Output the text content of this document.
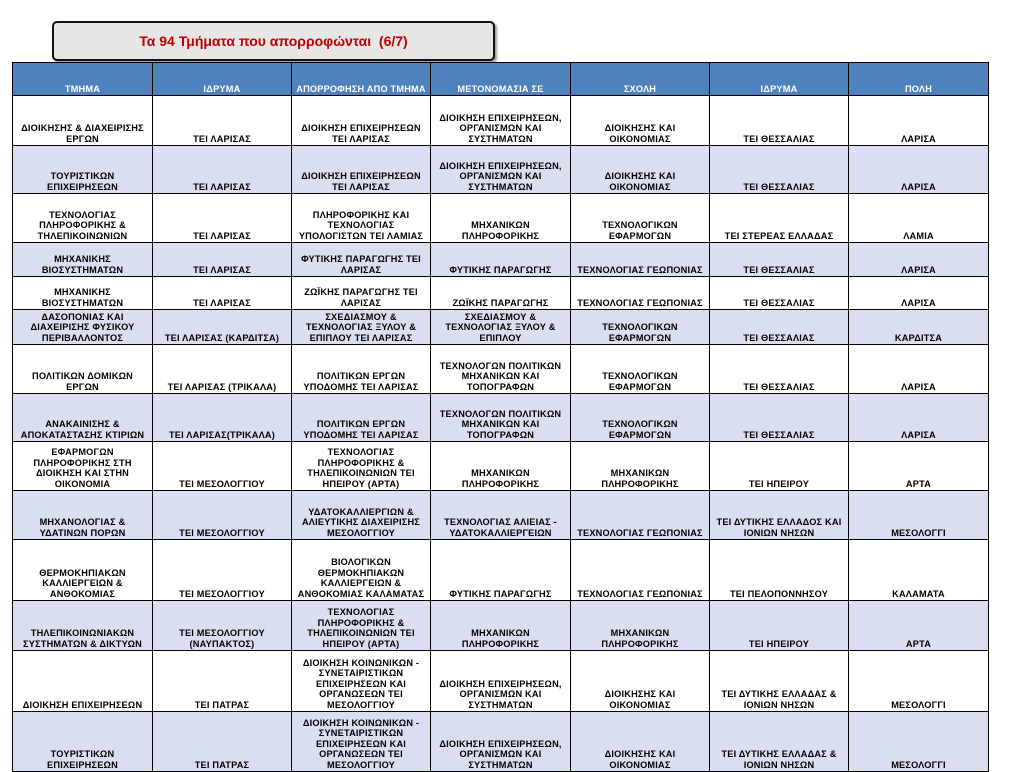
Τα 94 Τμήματα που απορροφώνται  (6/7)
ΤΜΗΜΑ	ΙΔΡΥΜΑ	ΑΠΟΡΡΟΦΗΣΗ ΑΠΟ ΤΜΗΜΑ	ΜΕΤΟΝΟΜΑΣΙΑ ΣΕ	ΣΧΟΛΗ	ΙΔΡΥΜΑ	ΠΟΛΗ
ΔΙΟΙΚΗΣΗΣ & ΔΙΑΧΕΙΡΙΣΗΣ ΕΡΓΩΝ	ΤΕΙ ΛΑΡΙΣΑΣ	ΔΙΟΙΚΗΣΗ ΕΠΙΧΕΙΡΗΣΕΩΝ ΤΕΙ ΛΑΡΙΣΑΣ	ΔΙΟΙΚΗΣΗ ΕΠΙΧΕΙΡΗΣΕΩΝ, ΟΡΓΑΝΙΣΜΩΝ ΚΑΙ ΣΥΣΤΗΜΑΤΩΝ	ΔΙΟΙΚΗΣΗΣ ΚΑΙ ΟΙΚΟΝΟΜΙΑΣ	ΤΕΙ ΘΕΣΣΑΛΙΑΣ	ΛΑΡΙΣΑ
ΤΟΥΡΙΣΤΙΚΩΝ ΕΠΙΧΕΙΡΗΣΕΩΝ	ΤΕΙ ΛΑΡΙΣΑΣ	ΔΙΟΙΚΗΣΗ ΕΠΙΧΕΙΡΗΣΕΩΝ ΤΕΙ ΛΑΡΙΣΑΣ	ΔΙΟΙΚΗΣΗ ΕΠΙΧΕΙΡΗΣΕΩΝ, ΟΡΓΑΝΙΣΜΩΝ ΚΑΙ ΣΥΣΤΗΜΑΤΩΝ	ΔΙΟΙΚΗΣΗΣ ΚΑΙ ΟΙΚΟΝΟΜΙΑΣ	ΤΕΙ ΘΕΣΣΑΛΙΑΣ	ΛΑΡΙΣΑ
ΤΕΧΝΟΛΟΓΙΑΣ ΠΛΗΡΟΦΟΡΙΚΗΣ & ΤΗΛΕΠΙΚΟΙΝΩΝΙΩΝ	ΤΕΙ ΛΑΡΙΣΑΣ	ΠΛΗΡΟΦΟΡΙΚΗΣ ΚΑΙ ΤΕΧΝΟΛΟΓΙΑΣ ΥΠΟΛΟΓΙΣΤΩΝ ΤΕΙ ΛΑΜΙΑΣ	ΜΗΧΑΝΙΚΩΝ ΠΛΗΡΟΦΟΡΙΚΗΣ	ΤΕΧΝΟΛΟΓΙΚΩΝ ΕΦΑΡΜΟΓΩΝ	ΤΕΙ ΣΤΕΡΕΑΣ ΕΛΛΑΔΑΣ	ΛΑΜΙΑ
ΜΗΧΑΝΙΚΗΣ ΒΙΟΣΥΣΤΗΜΑΤΩΝ	ΤΕΙ ΛΑΡΙΣΑΣ	ΦΥΤΙΚΗΣ ΠΑΡΑΓΩΓΗΣ ΤΕΙ ΛΑΡΙΣΑΣ	ΦΥΤΙΚΗΣ ΠΑΡΑΓΩΓΗΣ	ΤΕΧΝΟΛΟΓΙΑΣ ΓΕΩΠΟΝΙΑΣ	ΤΕΙ ΘΕΣΣΑΛΙΑΣ	ΛΑΡΙΣΑ
ΜΗΧΑΝΙΚΗΣ ΒΙΟΣΥΣΤΗΜΑΤΩΝ	ΤΕΙ ΛΑΡΙΣΑΣ	ΖΩΪΚΗΣ ΠΑΡΑΓΩΓΗΣ ΤΕΙ ΛΑΡΙΣΑΣ	ΖΩΪΚΗΣ ΠΑΡΑΓΩΓΗΣ	ΤΕΧΝΟΛΟΓΙΑΣ ΓΕΩΠΟΝΙΑΣ	ΤΕΙ ΘΕΣΣΑΛΙΑΣ	ΛΑΡΙΣΑ
ΔΑΣΟΠΟΝΙΑΣ ΚΑΙ ΔΙΑΧΕΙΡΙΣΗΣ ΦΥΣΙΚΟΥ ΠΕΡΙΒΑΛΛΟΝΤΟΣ	ΤΕΙ ΛΑΡΙΣΑΣ (ΚΑΡΔΙΤΣΑ)	ΣΧΕΔΙΑΣΜΟΥ & ΤΕΧΝΟΛΟΓΙΑΣ ΞΥΛΟΥ & ΕΠΙΠΛΟΥ ΤΕΙ ΛΑΡΙΣΑΣ	ΣΧΕΔΙΑΣΜΟΥ & ΤΕΧΝΟΛΟΓΙΑΣ ΞΥΛΟΥ & ΕΠΙΠΛΟΥ	ΤΕΧΝΟΛΟΓΙΚΩΝ ΕΦΑΡΜΟΓΩΝ	ΤΕΙ ΘΕΣΣΑΛΙΑΣ	ΚΑΡΔΙΤΣΑ
ΠΟΛΙΤΙΚΩΝ ΔΟΜΙΚΩΝ ΕΡΓΩΝ	ΤΕΙ ΛΑΡΙΣΑΣ (ΤΡΙΚΑΛΑ)	ΠΟΛΙΤΙΚΩΝ ΕΡΓΩΝ ΥΠΟΔΟΜΗΣ ΤΕΙ ΛΑΡΙΣΑΣ	ΤΕΧΝΟΛΟΓΩΝ ΠΟΛΙΤΙΚΩΝ ΜΗΧΑΝΙΚΩΝ ΚΑΙ ΤΟΠΟΓΡΑΦΩΝ	ΤΕΧΝΟΛΟΓΙΚΩΝ ΕΦΑΡΜΟΓΩΝ	ΤΕΙ ΘΕΣΣΑΛΙΑΣ	ΛΑΡΙΣΑ
ΑΝΑΚΑΙΝΙΣΗΣ & ΑΠΟΚΑΤΑΣΤΑΣΗΣ ΚΤΙΡΙΩΝ	ΤΕΙ ΛΑΡΙΣΑΣ(ΤΡΙΚΑΛΑ)	ΠΟΛΙΤΙΚΩΝ ΕΡΓΩΝ ΥΠΟΔΟΜΗΣ ΤΕΙ ΛΑΡΙΣΑΣ	ΤΕΧΝΟΛΟΓΩΝ ΠΟΛΙΤΙΚΩΝ ΜΗΧΑΝΙΚΩΝ ΚΑΙ ΤΟΠΟΓΡΑΦΩΝ	ΤΕΧΝΟΛΟΓΙΚΩΝ ΕΦΑΡΜΟΓΩΝ	ΤΕΙ ΘΕΣΣΑΛΙΑΣ	ΛΑΡΙΣΑ
ΕΦΑΡΜΟΓΩΝ ΠΛΗΡΟΦΟΡΙΚΗΣ ΣΤΗ ΔΙΟΙΚΗΣΗ ΚΑΙ ΣΤΗΝ ΟΙΚΟΝΟΜΙΑ	ΤΕΙ ΜΕΣΟΛΟΓΓΙΟΥ	ΤΕΧΝΟΛΟΓΙΑΣ ΠΛΗΡΟΦΟΡΙΚΗΣ & ΤΗΛΕΠΙΚΟΙΝΩΝΙΩΝ ΤΕΙ ΗΠΕΙΡΟΥ (ΑΡΤΑ)	ΜΗΧΑΝΙΚΩΝ ΠΛΗΡΟΦΟΡΙΚΗΣ	ΜΗΧΑΝΙΚΩΝ ΠΛΗΡΟΦΟΡΙΚΗΣ	ΤΕΙ ΗΠΕΙΡΟΥ	ΑΡΤΑ
ΜΗΧΑΝΟΛΟΓΙΑΣ & ΥΔΑΤΙΝΩΝ ΠΟΡΩΝ	ΤΕΙ ΜΕΣΟΛΟΓΓΙΟΥ	ΥΔΑΤΟΚΑΛΛΙΕΡΓΙΩΝ & ΑΛΙΕΥΤΙΚΗΣ ΔΙΑΧΕΙΡΙΣΗΣ ΜΕΣΟΛΟΓΓΙΟΥ	ΤΕΧΝΟΛΟΓΙΑΣ ΑΛΙΕΙΑΣ - ΥΔΑΤΟΚΑΛΛΙΕΡΓΕΙΩΝ	ΤΕΧΝΟΛΟΓΙΑΣ ΓΕΩΠΟΝΙΑΣ	ΤΕΙ ΔΥΤΙΚΗΣ ΕΛΛΑΔΟΣ ΚΑΙ ΙΟΝΙΩΝ ΝΗΣΩΝ	ΜΕΣΟΛΟΓΓΙ
ΘΕΡΜΟΚΗΠΙΑΚΩΝ ΚΑΛΛΙΕΡΓΕΙΩΝ & ΑΝΘΟΚΟΜΙΑΣ	ΤΕΙ ΜΕΣΟΛΟΓΓΙΟΥ	ΒΙΟΛΟΓΙΚΩΝ ΘΕΡΜΟΚΗΠΙΑΚΩΝ ΚΑΛΛΙΕΡΓΕΙΩΝ & ΑΝΘΟΚΟΜΙΑΣ ΚΑΛΑΜΑΤΑΣ	ΦΥΤΙΚΗΣ ΠΑΡΑΓΩΓΗΣ	ΤΕΧΝΟΛΟΓΙΑΣ ΓΕΩΠΟΝΙΑΣ	ΤΕΙ ΠΕΛΟΠΟΝΝΗΣΟΥ	ΚΑΛΑΜΑΤΑ
ΤΗΛΕΠΙΚΟΙΝΩΝΙΑΚΩΝ ΣΥΣΤΗΜΑΤΩΝ & ΔΙΚΤΥΩΝ	ΤΕΙ ΜΕΣΟΛΟΓΓΙΟΥ (ΝΑΥΠΑΚΤΟΣ)	ΤΕΧΝΟΛΟΓΙΑΣ ΠΛΗΡΟΦΟΡΙΚΗΣ & ΤΗΛΕΠΙΚΟΙΝΩΝΙΩΝ ΤΕΙ ΗΠΕΙΡΟΥ (ΑΡΤΑ)	ΜΗΧΑΝΙΚΩΝ ΠΛΗΡΟΦΟΡΙΚΗΣ	ΜΗΧΑΝΙΚΩΝ ΠΛΗΡΟΦΟΡΙΚΗΣ	ΤΕΙ ΗΠΕΙΡΟΥ	ΑΡΤΑ
ΔΙΟΙΚΗΣΗ ΕΠΙΧΕΙΡΗΣΕΩΝ	ΤΕΙ ΠΑΤΡΑΣ	ΔΙΟΙΚΗΣΗ ΚΟΙΝΩΝΙΚΩΝ - ΣΥΝΕΤΑΙΡΙΣΤΙΚΩΝ ΕΠΙΧΕΙΡΗΣΕΩΝ ΚΑΙ ΟΡΓΑΝΩΣΕΩΝ ΤΕΙ ΜΕΣΟΛΟΓΓΙΟΥ	ΔΙΟΙΚΗΣΗ ΕΠΙΧΕΙΡΗΣΕΩΝ, ΟΡΓΑΝΙΣΜΩΝ ΚΑΙ ΣΥΣΤΗΜΑΤΩΝ	ΔΙΟΙΚΗΣΗΣ ΚΑΙ ΟΙΚΟΝΟΜΙΑΣ	ΤΕΙ ΔΥΤΙΚΗΣ ΕΛΛΑΔΑΣ & ΙΟΝΙΩΝ ΝΗΣΩΝ	ΜΕΣΟΛΟΓΓΙ
ΤΟΥΡΙΣΤΙΚΩΝ ΕΠΙΧΕΙΡΗΣΕΩΝ	ΤΕΙ ΠΑΤΡΑΣ	ΔΙΟΙΚΗΣΗ ΚΟΙΝΩΝΙΚΩΝ - ΣΥΝΕΤΑΙΡΙΣΤΙΚΩΝ ΕΠΙΧΕΙΡΗΣΕΩΝ ΚΑΙ ΟΡΓΑΝΩΣΕΩΝ ΤΕΙ ΜΕΣΟΛΟΓΓΙΟΥ	ΔΙΟΙΚΗΣΗ ΕΠΙΧΕΙΡΗΣΕΩΝ, ΟΡΓΑΝΙΣΜΩΝ ΚΑΙ ΣΥΣΤΗΜΑΤΩΝ	ΔΙΟΙΚΗΣΗΣ ΚΑΙ ΟΙΚΟΝΟΜΙΑΣ	ΤΕΙ ΔΥΤΙΚΗΣ ΕΛΛΑΔΑΣ & ΙΟΝΙΩΝ ΝΗΣΩΝ	ΜΕΣΟΛΟΓΓΙ
